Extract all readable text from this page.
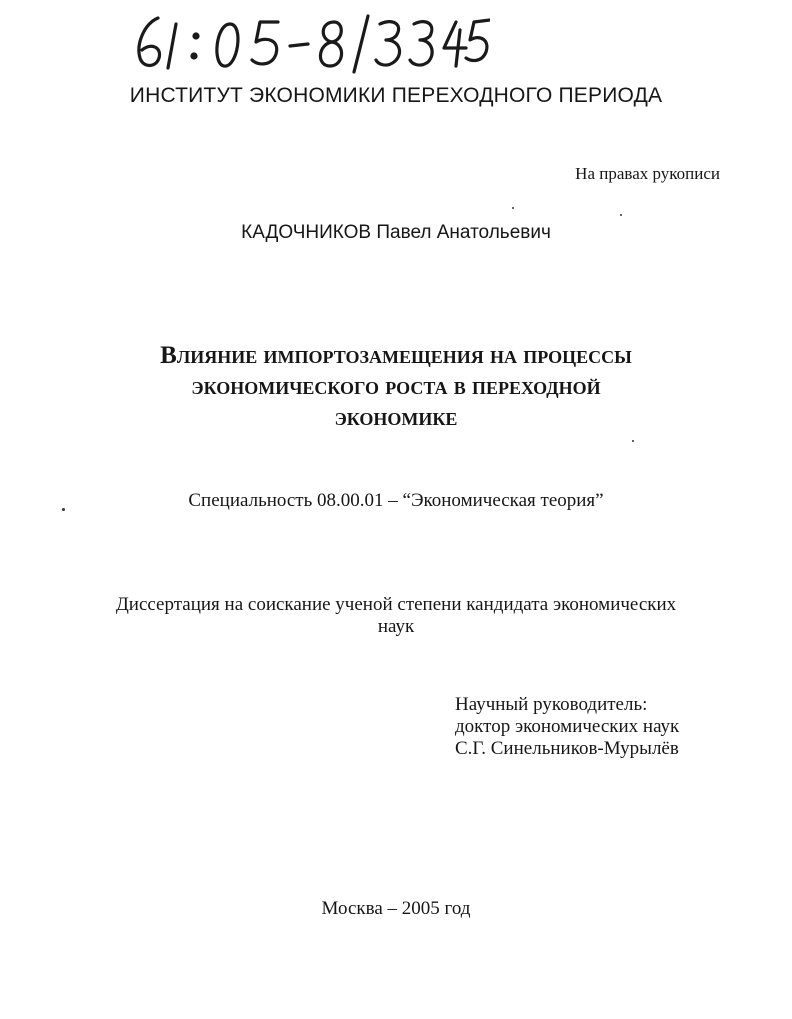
ИНСТИТУТ ЭКОНОМИКИ ПЕРЕХОДНОГО ПЕРИОДА
На правах рукописи
КАДОЧНИКОВ Павел Анатольевич
Влияние импортозамещения на процессы
экономического роста в переходной
экономике
Специальность 08.00.01 – “Экономическая теория”
Диссертация на соискание ученой степени кандидата экономических
наук
Научный руководитель:
доктор экономических наук
С.Г. Синельников-Мурылёв
Москва – 2005 год
